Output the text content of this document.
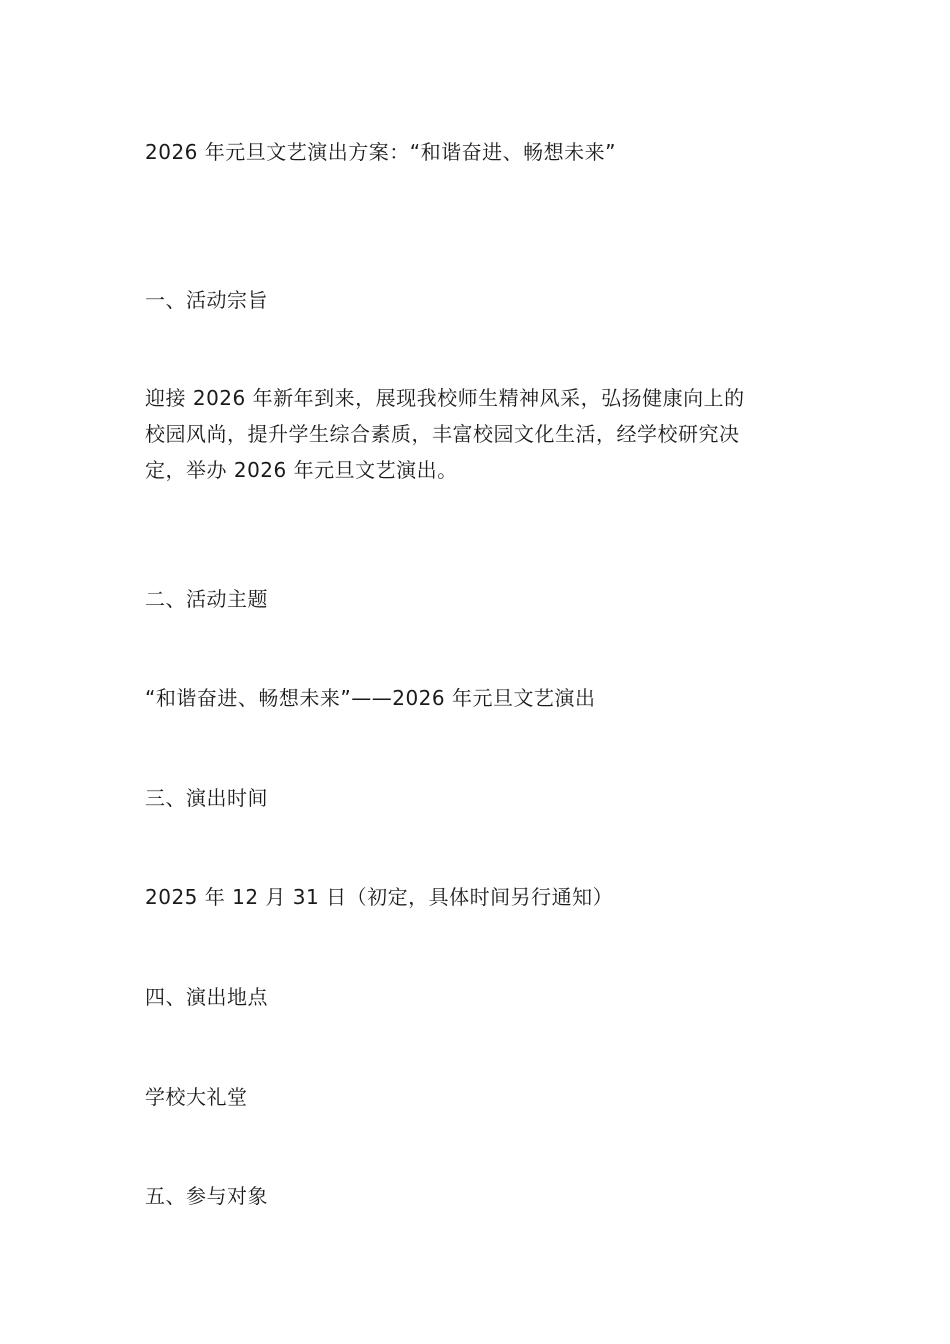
2026 年元旦文艺演出方案：“和谐奋进、畅想未来”
一、活动宗旨
迎接 2026 年新年到来，展现我校师生精神风采，弘扬健康向上的
校园风尚，提升学生综合素质，丰富校园文化生活，经学校研究决
定，举办 2026 年元旦文艺演出。
二、活动主题
“和谐奋进、畅想未来”——2026 年元旦文艺演出
三、演出时间
2025 年 12 月 31 日（初定，具体时间另行通知）
四、演出地点
学校大礼堂
五、参与对象
